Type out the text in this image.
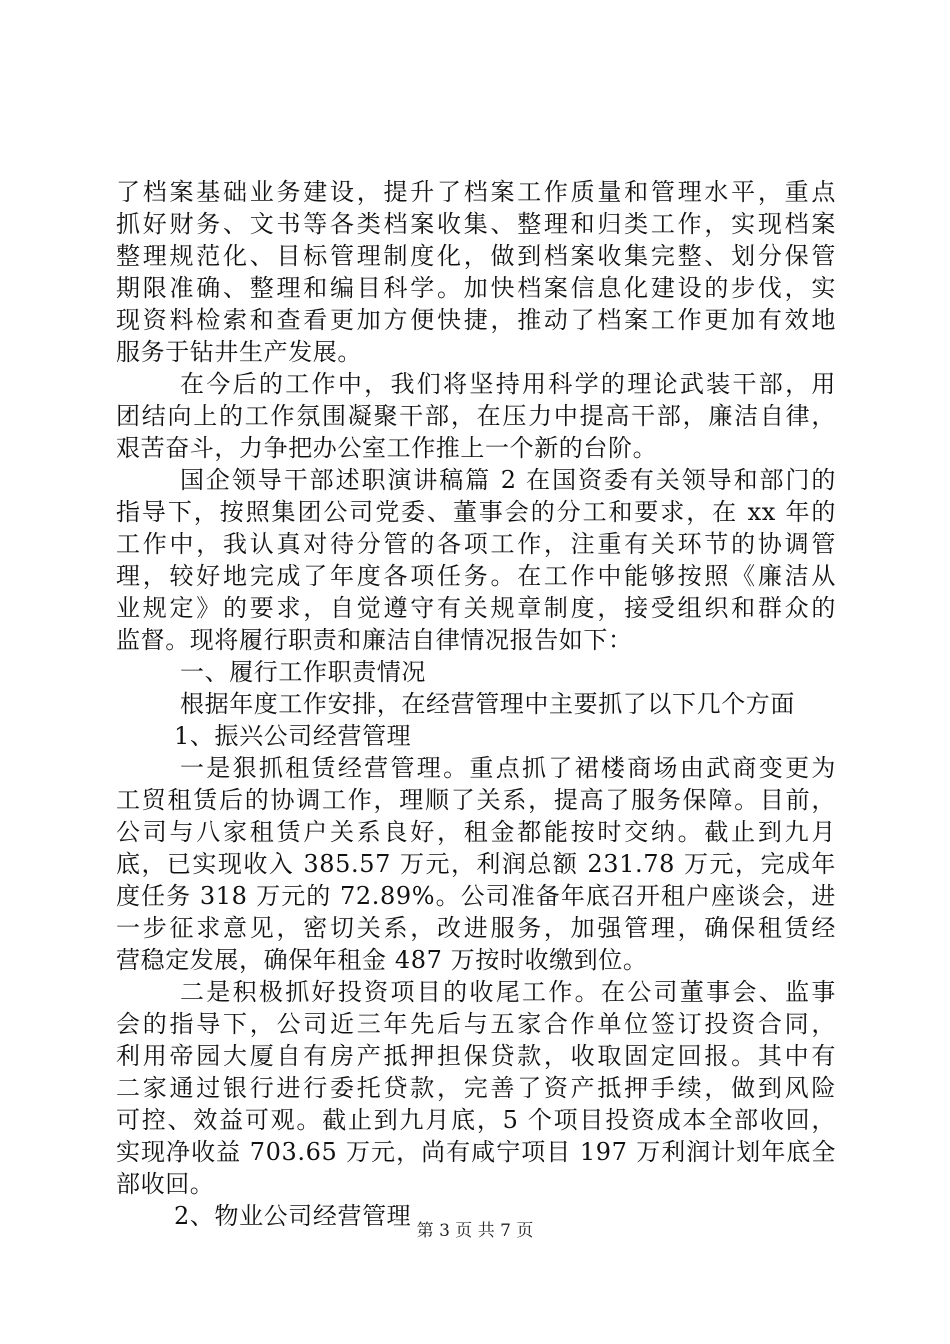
了档案基础业务建设，提升了档案工作质量和管理水平，重点
抓好财务、文书等各类档案收集、整理和归类工作，实现档案
整理规范化、目标管理制度化，做到档案收集完整、划分保管
期限准确、整理和编目科学。加快档案信息化建设的步伐，实
现资料检索和查看更加方便快捷，推动了档案工作更加有效地
服务于钻井生产发展。
在今后的工作中，我们将坚持用科学的理论武装干部，用
团结向上的工作氛围凝聚干部，在压力中提高干部，廉洁自律，
艰苦奋斗，力争把办公室工作推上一个新的台阶。
国企领导干部述职演讲稿篇 2 在国资委有关领导和部门的
指导下，按照集团公司党委、董事会的分工和要求，在 xx 年的
工作中，我认真对待分管的各项工作，注重有关环节的协调管
理，较好地完成了年度各项任务。在工作中能够按照《廉洁从
业规定》的要求，自觉遵守有关规章制度，接受组织和群众的
监督。现将履行职责和廉洁自律情况报告如下：
一、履行工作职责情况
根据年度工作安排，在经营管理中主要抓了以下几个方面
1、振兴公司经营管理
一是狠抓租赁经营管理。重点抓了裙楼商场由武商变更为
工贸租赁后的协调工作，理顺了关系，提高了服务保障。目前，
公司与八家租赁户关系良好，租金都能按时交纳。截止到九月
底，已实现收入 385.57 万元，利润总额 231.78 万元，完成年
度任务 318 万元的 72.89%。公司准备年底召开租户座谈会，进
一步征求意见，密切关系，改进服务，加强管理，确保租赁经
营稳定发展，确保年租金 487 万按时收缴到位。
二是积极抓好投资项目的收尾工作。在公司董事会、监事
会的指导下，公司近三年先后与五家合作单位签订投资合同，
利用帝园大厦自有房产抵押担保贷款，收取固定回报。其中有
二家通过银行进行委托贷款，完善了资产抵押手续，做到风险
可控、效益可观。截止到九月底，5 个项目投资成本全部收回，
实现净收益 703.65 万元，尚有咸宁项目 197 万利润计划年底全
部收回。
2、物业公司经营管理
第 3 页 共 7 页
